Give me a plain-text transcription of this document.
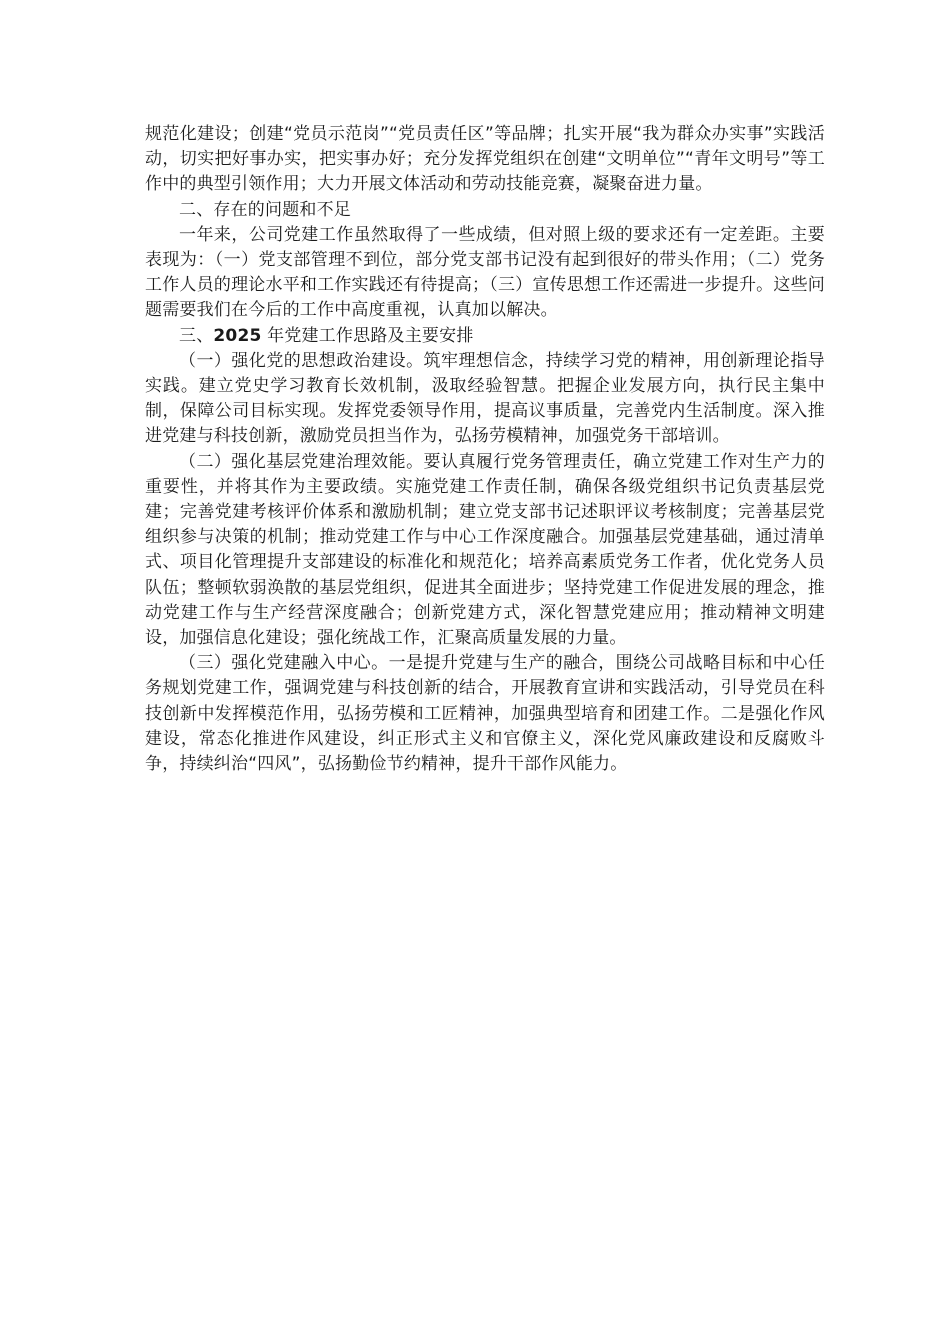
规范化建设；创建“党员示范岗”“党员责任区”等品牌；扎实开展“我为群众办实事”实践活动，切实把好事办实，把实事办好；充分发挥党组织在创建“文明单位”“青年文明号”等工作中的典型引领作用；大力开展文体活动和劳动技能竞赛，凝聚奋进力量。

二、存在的问题和不足

一年来，公司党建工作虽然取得了一些成绩，但对照上级的要求还有一定差距。主要表现为：（一）党支部管理不到位，部分党支部书记没有起到很好的带头作用；（二）党务工作人员的理论水平和工作实践还有待提高；（三）宣传思想工作还需进一步提升。这些问题需要我们在今后的工作中高度重视，认真加以解决。

三、2025 年党建工作思路及主要安排

（一）强化党的思想政治建设。筑牢理想信念，持续学习党的精神，用创新理论指导实践。建立党史学习教育长效机制，汲取经验智慧。把握企业发展方向，执行民主集中制，保障公司目标实现。发挥党委领导作用，提高议事质量，完善党内生活制度。深入推进党建与科技创新，激励党员担当作为，弘扬劳模精神，加强党务干部培训。

（二）强化基层党建治理效能。要认真履行党务管理责任，确立党建工作对生产力的重要性，并将其作为主要政绩。实施党建工作责任制，确保各级党组织书记负责基层党建；完善党建考核评价体系和激励机制；建立党支部书记述职评议考核制度；完善基层党组织参与决策的机制；推动党建工作与中心工作深度融合。加强基层党建基础，通过清单式、项目化管理提升支部建设的标准化和规范化；培养高素质党务工作者，优化党务人员队伍；整顿软弱涣散的基层党组织，促进其全面进步；坚持党建工作促进发展的理念，推动党建工作与生产经营深度融合；创新党建方式，深化智慧党建应用；推动精神文明建设，加强信息化建设；强化统战工作，汇聚高质量发展的力量。

（三）强化党建融入中心。一是提升党建与生产的融合，围绕公司战略目标和中心任务规划党建工作，强调党建与科技创新的结合，开展教育宣讲和实践活动，引导党员在科技创新中发挥模范作用，弘扬劳模和工匠精神，加强典型培育和团建工作。二是强化作风建设，常态化推进作风建设，纠正形式主义和官僚主义，深化党风廉政建设和反腐败斗争，持续纠治“四风”，弘扬勤俭节约精神，提升干部作风能力。
